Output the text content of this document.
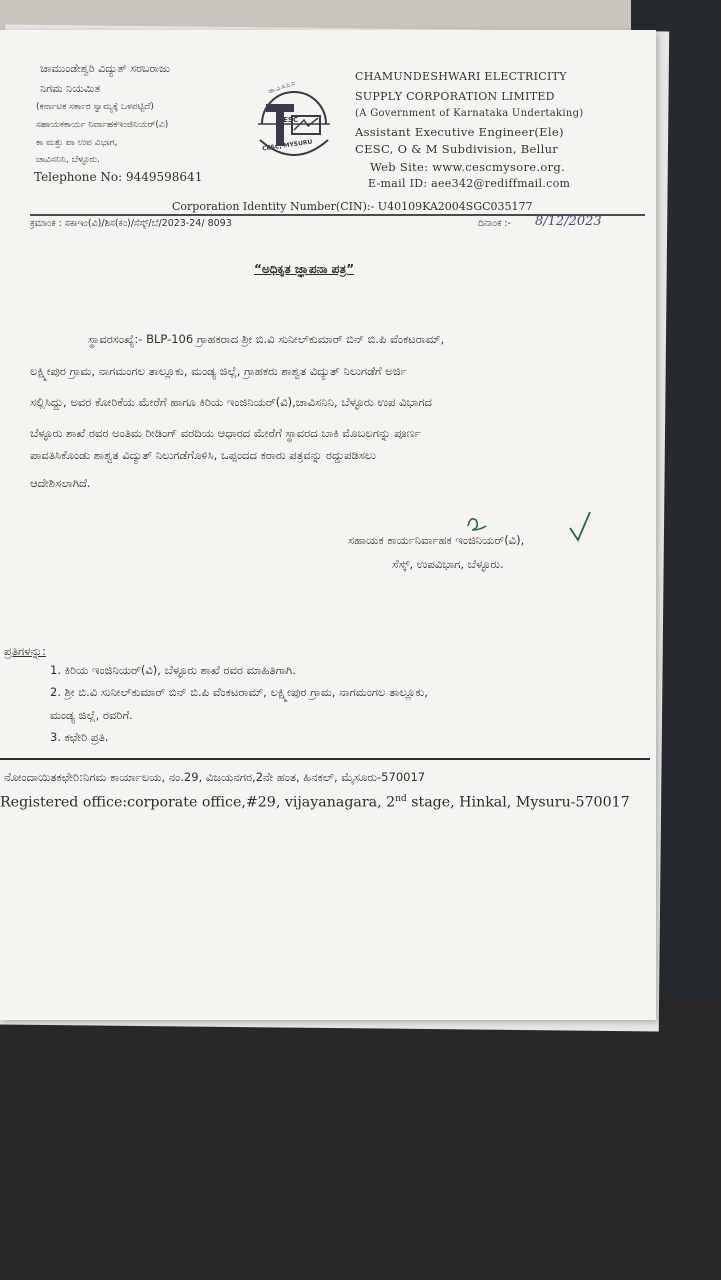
ಚಾಮುಂಡೇಶ್ವರಿ ವಿದ್ಯುತ್ ಸರಬರಾಜು
ನಿಗಮ ನಿಯಮಿತ
(ಕರ್ನಾಟಕ ಸರ್ಕಾರ ಸ್ವಾಮ್ಯಕ್ಕೆ ಒಳಪಟ್ಟಿದೆ)
ಸಹಾಯಕಕಾರ್ಯ ನಿರ್ವಾಹಕಇಂಜಿನಿಯರ್(ವಿ)
ಕಾ ಮತ್ತು ಪಾ ಉಪ ವಿಭಾಗ,
ಚಾವಿಸನಿನಿ, ಬೆಳ್ಳೂರು.
Telephone No: 9449598641
ಚಾ.ವಿ.ಸ.ನಿ.ನಿ
CESC
CESC, MYSURU
CHAMUNDESHWARI ELECTRICITY
SUPPLY CORPORATION LIMITED
(A Government of Karnataka Undertaking)
Assistant Executive Engineer(Ele)
CESC, O & M Subdivision, Bellur
Web Site: www.cescmysore.org.
E-mail ID: aee342@rediffmail.com
Corporation Identity Number(CIN):- U40109KA2004SGC035177
ಕ್ರಮಾಂಕ : ಸಕಾಇಂ(ವಿ)/ಶಿಸ(ಕಂ)/ಸೆಸ್ಕ್/ಬೆ/2023-24/ 8093	ದಿನಾಂಕ :- 8/12/2023
“ಅಧಿಕೃತ ಜ್ಞಾಪನಾ ಪತ್ರ”
ಸ್ಥಾವರಸಂಖ್ಯೆ:- BLP-106 ಗ್ರಾಹಕರಾದ ಶ್ರೀ ಬಿ.ವಿ ಸುನೀಲ್‌ಕುಮಾರ್ ಬಿನ್ ಬಿ.ಪಿ ವೆಂಕಟರಾಮ್,
ಲಕ್ಷ್ಮೀಪುರ ಗ್ರಾಮ, ನಾಗಮಂಗಲ ತಾಲ್ಲೂಕು, ಮಂಡ್ಯ ಜಿಲ್ಲೆ, ಗ್ರಾಹಕರು ಶಾಶ್ವತ ವಿದ್ಯುತ್ ನಿಲುಗಡೆಗೆ ಅರ್ಜಿ
ಸಲ್ಲಿಸಿದ್ದು, ಅವರ ಕೋರಿಕೆಯ ಮೇರೆಗೆ ಹಾಗೂ ಕಿರಿಯ ಇಂಜಿನಿಯರ್(ವಿ),ಚಾವಿಸನಿನಿ, ಬೆಳ್ಳೂರು ಉಪ ವಿಭಾಗದ
ಬೆಳ್ಳೂರು ಶಾಖೆ ರವರ ಅಂತಿಮ ರೀಡಿಂಗ್ ವರದಿಯ ಆಧಾರದ ಮೇರೆಗೆ ಸ್ಥಾವರದ ಬಾಕಿ ಮೊಬಲಗನ್ನು ಪೂರ್ಣ
ಪಾವತಿಸಿಕೊಂಡು ಶಾಶ್ವತ ವಿದ್ಯುತ್ ನಿಲುಗಡೆಗೊಳಿಸಿ, ಒಪ್ಪಂದದ ಕರಾರು ಪತ್ರವನ್ನು ರದ್ದುಪಡಿಸಲು
ಆದೇಶಿಸಲಾಗಿದೆ.
ಸಹಾಯಕ ಕಾರ್ಯನಿರ್ವಾಹಕ ಇಂಜಿನಿಯರ್(ವಿ),
ಸೆಸ್ಕ್, ಉಪವಿಭಾಗ, ಬೆಳ್ಳೂರು.
ಪ್ರತಿಗಳನ್ನು:
1. ಕಿರಿಯ ಇಂಜಿನಿಯರ್(ವಿ), ಬೆಳ್ಳೂರು ಶಾಖೆ ರವರ ಮಾಹಿತಿಗಾಗಿ.
2. ಶ್ರೀ ಬಿ.ವಿ ಸುನೀಲ್‌ಕುಮಾರ್ ಬಿನ್ ಬಿ.ಪಿ ವೆಂಕಟರಾಮ್, ಲಕ್ಷ್ಮೀಪುರ ಗ್ರಾಮ, ನಾಗಮಂಗಲ ತಾಲ್ಲೂಕು,
ಮಂಡ್ಯ ಜಿಲ್ಲೆ, ರವರಿಗೆ.
3. ಕಛೇರಿ ಪ್ರತಿ.
ನೋಂದಾಯಿತಕಛೇರಿ:ನಿಗಮ ಕಾರ್ಯಾಲಯ, ನಂ.29, ವಿಜಯನಗರ,2ನೇ ಹಂತ, ಹಿನಕಲ್, ಮೈಸೂರು-570017
Registered office:corporate office,#29, vijayanagara, 2nd stage, Hinkal, Mysuru-570017
